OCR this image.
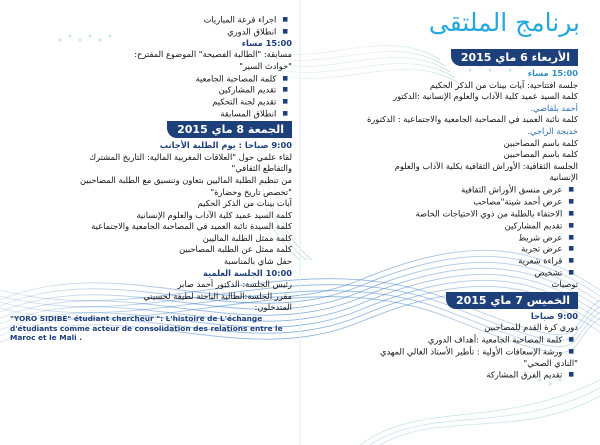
برنامج الملتقى
الأربعاء 6 ماي 2015
15:00 مساء
جلسة افتتاحية: آيات بينات من الذكر الحكيم
كلمة السيد عميد كلية الآداب والعلوم الإنسانية :الدكتور
أحمد بلقاضي.
كلمة نائبة العميد في المصاحبة الجامعية والاجتماعية : الدكتورة
خديجة الراجي.
كلمة باسم المصاحبين
كلمة باسم المصاحبين
الجلسة الثقافية: الأوراش الثقافية بكلية الآداب والعلوم
الإنسانية
■ عرض منسق الأوراش الثقافية
■ عرض أحمد شيتة"مصاحب
■ الاحتفاء بالطلبة من ذوي الاحتياجات الخاصة
■ تقديم المشاركين
■ عرض شريط
■ عرض تجربة
■ قراءة شعرية
■ تشخيص
توصيات
الخميس 7 ماي 2015
9:00 صباحا
دوري كرة القدم للمصاحبين
■ كلمة المصاحبة الجامعية :أهداف الدوري
■ ورشة الإسعافات الأولية : تأطير الأستاذ الغالي المهدي
"النادي الصحي"
■ تقديم الفرق المشاركة
■ اجراء قرعة المباريات
■ انطلاق الدوري
15:00 مساء
مسابقة: "الطالبة الفصيحة" الموضوع المقترح:
"حوادث السير"
■ كلمة المصاحبة الجامعية
■ تقديم المشاركين
■ تقديم لجنة التحكيم
■ انطلاق المسابقة
الجمعة 8 ماي 2015
9:00 صباحا : يوم الطلبة الأجانب
لقاء علمي حول "العلاقات المغربية المالية: التاريخ المشترك
والتقاطع الثقافي"
من تنظيم الطلبة الماليين بتعاون وتنسيق مع الطلبة المصاحبين
"تخصص تاريخ وحضارة"
آيات بينات من الذكر الحكيم
كلمة السيد عميد كلية الآداب والعلوم الإنسانية
كلمة السيدة نائبة العميد في المصاحبة الجامعية والاجتماعية
كلمة ممثل الطلبة الماليين
كلمة ممثل عن الطلبة المصاحبين
حفل شاي بالمناسبة
10:00 الجلسة العلمية
رئيس الجلسة: الدكتور أحمد صابر
مقرر الجلسة:الطالبة الباحثة لطيفة لحسيني
المتدخلون:
"YORO SIDIBE" étudiant chercheur ": L'histoire de L'échange d'étudiants comme acteur de consolidation des relations entre le Maroc et le Mali .
